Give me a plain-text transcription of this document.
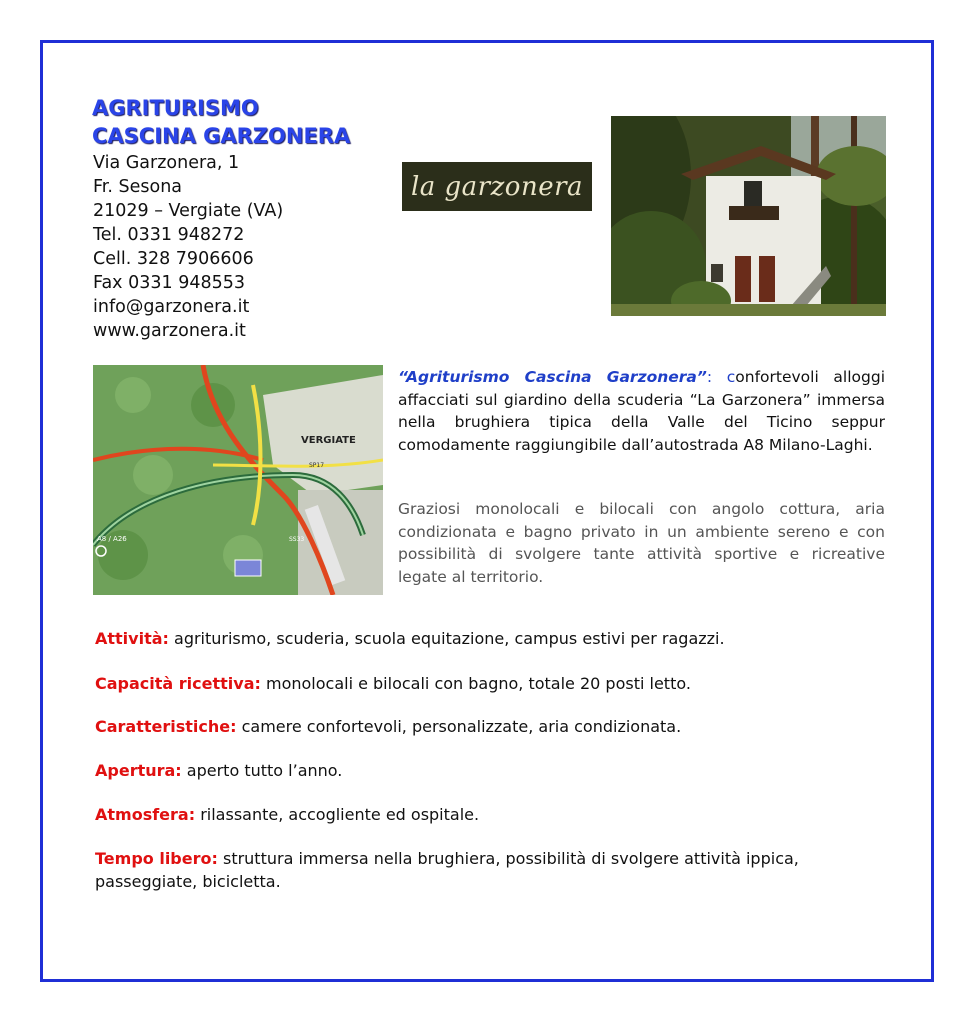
AGRITURISMO
CASCINA GARZONERA
Via Garzonera, 1
Fr. Sesona
21029 – Vergiate (VA)
Tel. 0331 948272
Cell. 328 7906606
Fax 0331 948553
info@garzonera.it
www.garzonera.it
la garzonera
VERGIATE
A8 / A26
SP17
SS33
“Agriturismo Cascina Garzonera”: confortevoli alloggi affacciati sul giardino della scuderia “La Garzonera” immersa nella brughiera tipica della Valle del Ticino seppur comodamente raggiungibile dall’autostrada A8 Milano-Laghi.
Graziosi monolocali e bilocali con angolo cottura, aria condizionata e bagno privato in un ambiente sereno e con possibilità di svolgere tante attività sportive e ricreative legate al territorio.
Attività: agriturismo, scuderia, scuola equitazione, campus estivi per ragazzi.
Capacità ricettiva: monolocali e bilocali con bagno, totale 20 posti letto.
Caratteristiche: camere confortevoli, personalizzate, aria condizionata.
Apertura: aperto tutto l’anno.
Atmosfera: rilassante, accogliente ed ospitale.
Tempo libero: struttura immersa nella brughiera, possibilità di svolgere attività ippica, passeggiate, bicicletta.
